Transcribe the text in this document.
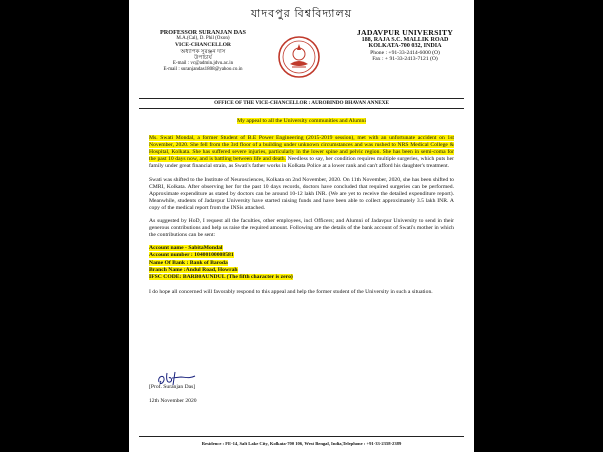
যাদবপুর বিশ্ববিদ্যালয়
PROFESSOR SURANJAN DAS
M.A.(Cal), D. Phil (Oxon)
VICE-CHANCELLOR
অধ্যাপক সুরঞ্জন দাস
উপাচার্য
E-mail : vc@admin.jdvu.ac.in
E-mail : suranjandas1808@yahoo.co.in
JADAVPUR UNIVERSITY
188, RAJA S.C. MALLIK ROAD
KOLKATA-700 032, INDIA
Phone : +91-33-2414-6000 (O)
Fax : + 91-33-2413-7121 (O)
OFFICE OF THE VICE-CHANCELLOR : AUROBINDO BHAVAN ANNEXE

My appeal to all the University communities and Alumni

Ms. Swati Mondal, a former Student of B.E Power Engineering (2015-2019 session), met with an unfortunate accident on 1st November, 2020. She fell from the 3rd floor of a building under unknown circumstances and was rushed to NRS Medical College & Hospital, Kolkata. She has suffered severe injuries, particularly in the lower spine and pelvic region. She has been in semi-coma for the past 10 days now, and is battling between life and death. Needless to say, her condition requires multiple surgeries, which puts her family under great financial strain, as Swati's father works in Kolkata Police at a lower rank and can't afford his daughter's treatment.

Swati was shifted to the Institute of Neurosciences, Kolkata on 2nd November, 2020. On 11th November, 2020, she has been shifted to CMRI, Kolkata. After observing her for the past 10 days records, doctors have concluded that required surgeries can be performed. Approximate expenditure as stated by doctors can be around 10-12 lakh INR. (We are yet to receive the detailed expenditure report). Meanwhile, students of Jadavpur University have started raising funds and have been able to collect approximately 3.5 lakh INR. A copy of the medical report from the INSis attached.

As suggested by HoD, I request all the faculties, other employees, incl Officers; and Alumni of Jadavpur University to send in their generous contributions and help us raise the required amount. Following are the details of the bank account of Swati's mother in which the contributions can be sent:

Account name - SabitaMondal
Account number : 10400100008581
Name Of Bank : Bank of Baroda
Branch Name :Andul Road, Howrah
IFSC CODE: BARB0AUNDUL (The fifth character is zero)

I do hope all concerned will favorably respond to this appeal and help the former student of the University in such a situation.

[Prof. Suranjan Das]
12th November 2020
Residence : FE-14, Salt Lake City, Kolkata-700 106, West Bengal, India,Telephone : +91-33-2358-2389
